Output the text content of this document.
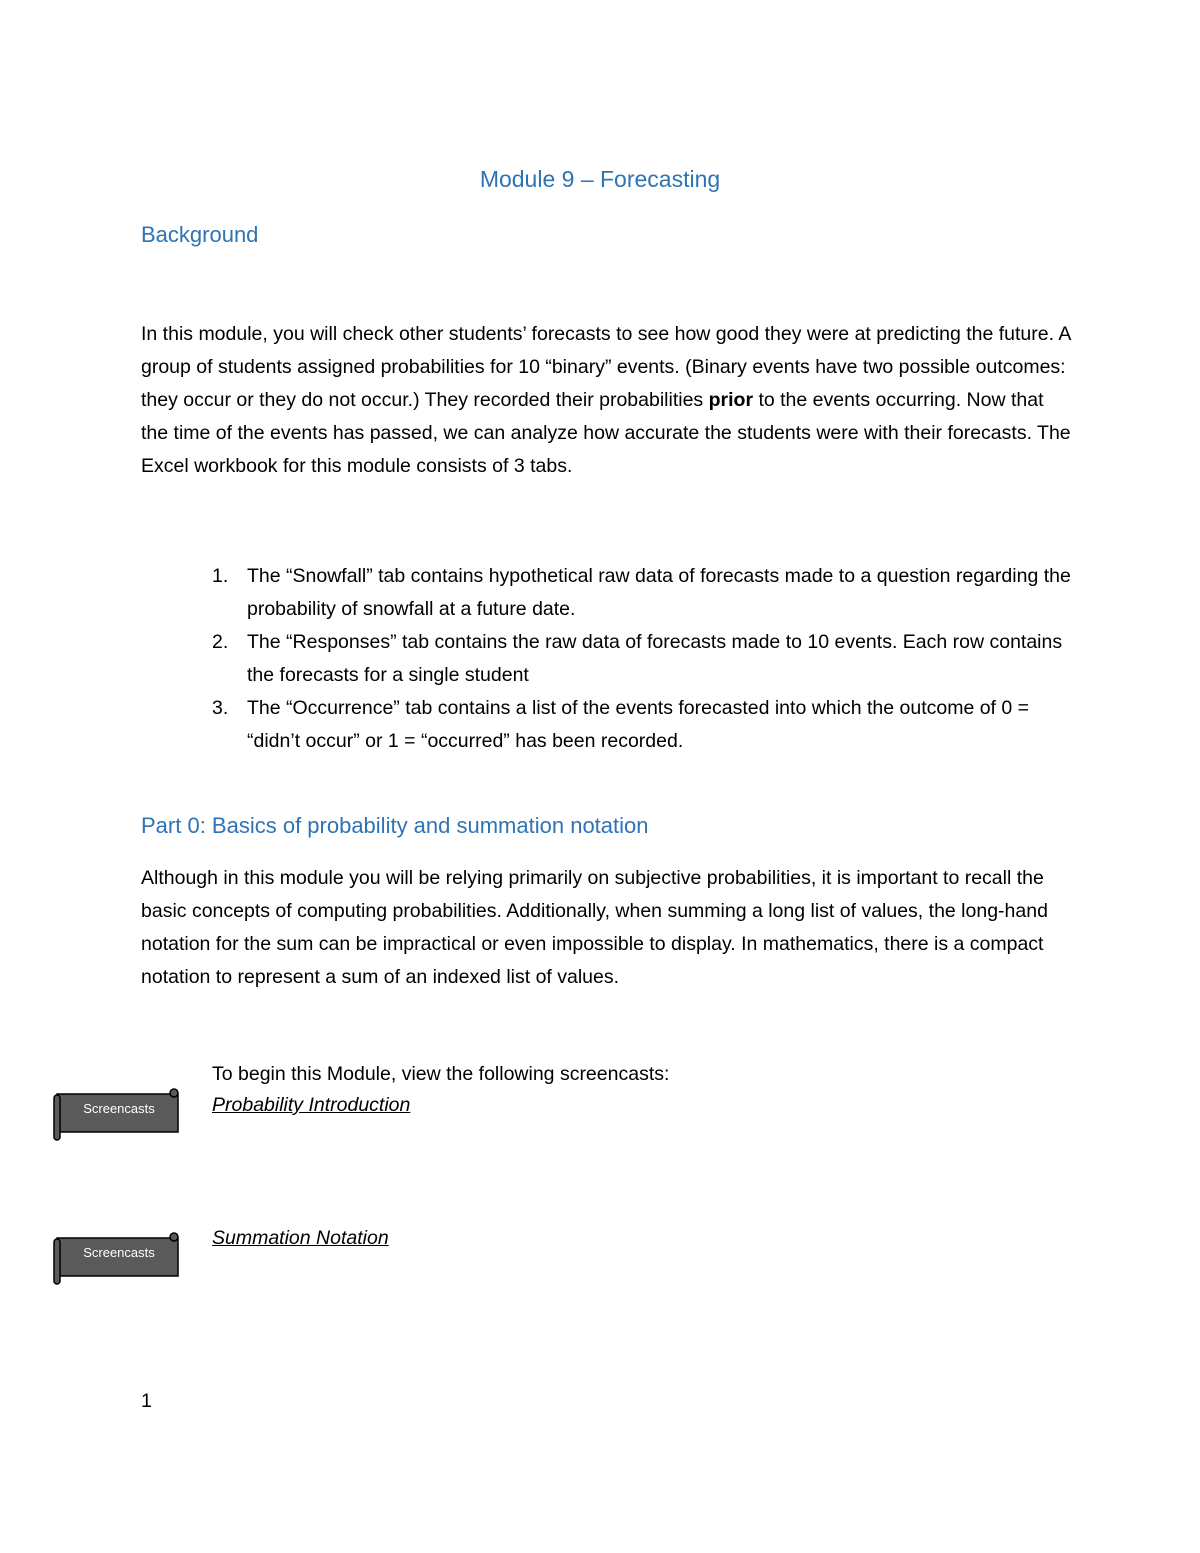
Module 9 – Forecasting
Background

In this module, you will check other students’ forecasts to see how good they were at predicting the future. A group of students assigned probabilities for 10 “binary” events. (Binary events have two possible outcomes: they occur or they do not occur.) They recorded their probabilities prior to the events occurring. Now that the time of the events has passed, we can analyze how accurate the students were with their forecasts. The Excel workbook for this module consists of 3 tabs.

1. The “Snowfall” tab contains hypothetical raw data of forecasts made to a question regarding the probability of snowfall at a future date.
2. The “Responses” tab contains the raw data of forecasts made to 10 events. Each row contains the forecasts for a single student
3. The “Occurrence” tab contains a list of the events forecasted into which the outcome of 0 = “didn’t occur” or 1 = “occurred” has been recorded.
Part 0: Basics of probability and summation notation

Although in this module you will be relying primarily on subjective probabilities, it is important to recall the basic concepts of computing probabilities. Additionally, when summing a long list of values, the long-hand notation for the sum can be impractical or even impossible to display. In mathematics, there is a compact notation to represent a sum of an indexed list of values.

Screencasts
To begin this Module, view the following screencasts:
Probability Introduction
Screencasts
Summation Notation
1
